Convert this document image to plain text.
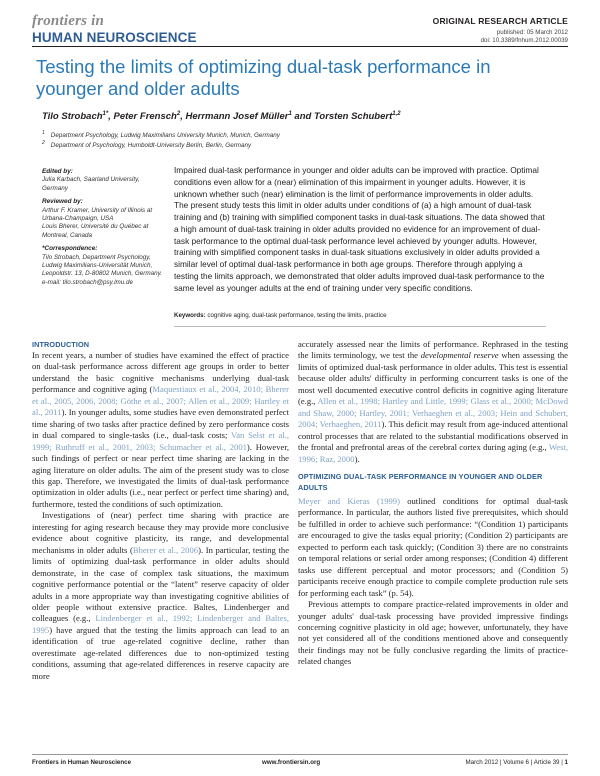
frontiers in
HUMAN NEUROSCIENCE
ORIGINAL RESEARCH ARTICLE
published: 05 March 2012
doi: 10.3389/fnhum.2012.00039
Testing the limits of optimizing dual-task performance in younger and older adults
Tilo Strobach$^{1*}$, Peter Frensch$^2$, Herrmann Josef Müller$^1$ and Torsten Schubert$^{1,2}$
$^1$ Department Psychology, Ludwig Maximilians University Munich, Munich, Germany
$^2$ Department of Psychology, Humboldt-University Berlin, Berlin, Germany
Edited by:
Julia Karbach, Saarland University, Germany
Reviewed by:
Arthur F. Kramer, University of Illinois at Urbana-Champaign, USA
Louis Bherer, Université du Québec at Montreal, Canada
*Correspondence:
Tilo Strobach, Department Psychology, Ludwig Maximilians-Universität Munich, Leopoldstr. 13, D-80802 Munich, Germany.
e-mail: tilo.strobach@psy.lmu.de
Impaired dual-task performance in younger and older adults can be improved with practice. Optimal conditions even allow for a (near) elimination of this impairment in younger adults. However, it is unknown whether such (near) elimination is the limit of performance improvements in older adults. The present study tests this limit in older adults under conditions of (a) a high amount of dual-task training and (b) training with simplified component tasks in dual-task situations. The data showed that a high amount of dual-task training in older adults provided no evidence for an improvement of dual-task performance to the optimal dual-task performance level achieved by younger adults. However, training with simplified component tasks in dual-task situations exclusively in older adults provided a similar level of optimal dual-task performance in both age groups. Therefore through applying a testing the limits approach, we demonstrated that older adults improved dual-task performance to the same level as younger adults at the end of training under very specific conditions.
Keywords: cognitive aging, dual-task performance, testing the limits, practice
INTRODUCTION

In recent years, a number of studies have examined the effect of practice on dual-task performance across different age groups in order to better understand the basic cognitive mechanisms underlying dual-task performance and cognitive aging (Maquestiaux et al., 2004, 2010; Bherer et al., 2005, 2006, 2008; Göthe et al., 2007; Allen et al., 2009; Hartley et al., 2011). In younger adults, some studies have even demonstrated perfect time sharing of two tasks after practice defined by zero performance costs in dual compared to single-tasks (i.e., dual-task costs; Van Selst et al., 1999; Ruthruff et al., 2001, 2003; Schumacher et al., 2001). However, such findings of perfect or near perfect time sharing are lacking in the aging literature on older adults. The aim of the present study was to close this gap. Therefore, we investigated the limits of dual-task performance optimization in older adults (i.e., near perfect or perfect time sharing) and, furthermore, tested the conditions of such optimization.

Investigations of (near) perfect time sharing with practice are interesting for aging research because they may provide more conclusive evidence about cognitive plasticity, its range, and developmental mechanisms in older adults (Bherer et al., 2006). In particular, testing the limits of optimizing dual-task performance in older adults should demonstrate, in the case of complex task situations, the maximum cognitive performance potential or the “latent” reserve capacity of older adults in a more appropriate way than investigating cognitive abilities of older people without extensive practice. Baltes, Lindenberger and colleagues (e.g., Lindenberger et al., 1992; Lindenberger and Baltes, 1995) have argued that the testing the limits approach can lead to an identification of true age-related cognitive decline, rather than overestimate age-related differences due to non-optimized testing conditions, assuming that age-related differences in reserve capacity are more

accurately assessed near the limits of performance. Rephrased in the testing the limits terminology, we test the developmental reserve when assessing the limits of optimized dual-task performance in older adults. This test is essential because older adults' difficulty in performing concurrent tasks is one of the most well documented executive control deficits in cognitive aging literature (e.g., Allen et al., 1998; Hartley and Little, 1999; Glass et al., 2000; McDowd and Shaw, 2000; Hartley, 2001; Verhaeghen et al., 2003; Hein and Schubert, 2004; Verhaeghen, 2011). This deficit may result from age-induced attentional control processes that are related to the substantial modifications observed in the frontal and prefrontal areas of the cerebral cortex during aging (e.g., West, 1996; Raz, 2000).

OPTIMIZING DUAL-TASK PERFORMANCE IN YOUNGER AND OLDER ADULTS

Meyer and Kieras (1999) outlined conditions for optimal dual-task performance. In particular, the authors listed five prerequisites, which should be fulfilled in order to achieve such performance: “(Condition 1) participants are encouraged to give the tasks equal priority; (Condition 2) participants are expected to perform each task quickly; (Condition 3) there are no constraints on temporal relations or serial order among responses; (Condition 4) different tasks use different perceptual and motor processors; and (Condition 5) participants receive enough practice to compile complete production rule sets for performing each task” (p. 54).

Previous attempts to compare practice-related improvements in older and younger adults' dual-task processing have provided impressive findings concerning cognitive plasticity in old age; however, unfortunately, they have not yet considered all of the conditions mentioned above and consequently their findings may not be fully conclusive regarding the limits of practice-related changes

Frontiers in Human Neuroscience	www.frontiersin.org	March 2012 | Volume 6 | Article 39 | 1
